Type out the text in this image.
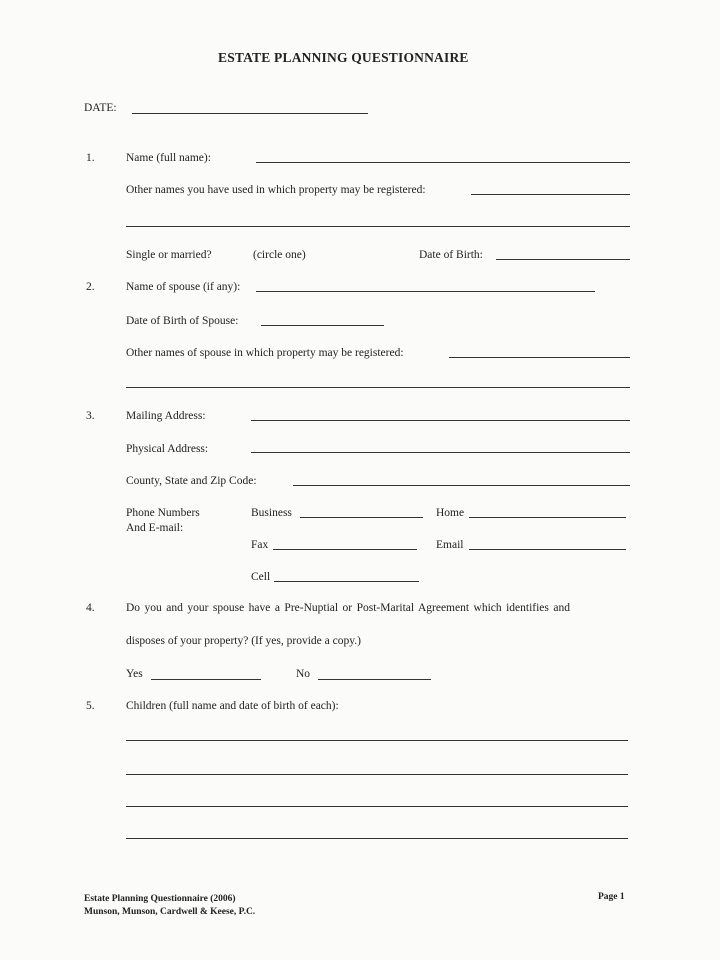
ESTATE PLANNING QUESTIONNAIRE
DATE:
1.	Name (full name):
Other names you have used in which property may be registered:
Single or married?	(circle one)	Date of Birth:
2.	Name of spouse (if any):
Date of Birth of Spouse:
Other names of spouse in which property may be registered:
3.	Mailing Address:
Physical Address:
County, State and Zip Code:
Phone Numbers
And E-mail:
Business	Home
Fax	Email
Cell
4.	Do you and your spouse have a Pre-Nuptial or Post-Marital Agreement which identifies and
disposes of your property? (If yes, provide a copy.)
Yes	No
5.	Children (full name and date of birth of each):
Estate Planning Questionnaire (2006)
Munson, Munson, Cardwell & Keese, P.C.
Page 1
